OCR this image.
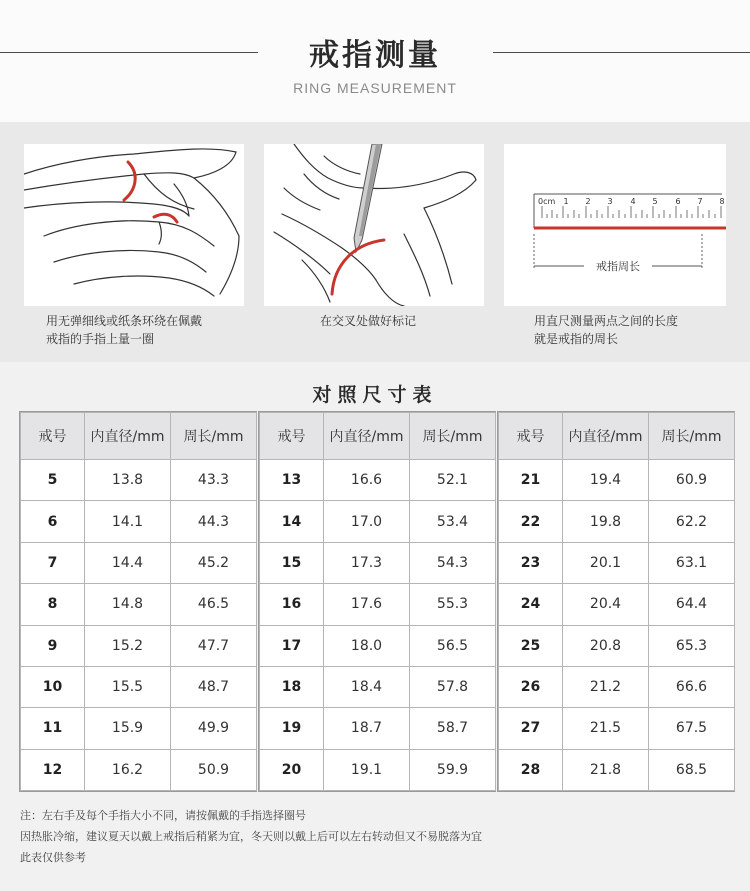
戒指测量
RING MEASUREMENT
0cm 1 2 3 4 5 6 7 8
戒指周长
用无弹细线或纸条环绕在佩戴
戒指的手指上量一圈
在交叉处做好标记	用直尺测量两点之间的长度
就是戒指的周长
对照尺寸表
戒号	内直径/mm	周长/mm
5	13.8	43.3
6	14.1	44.3
7	14.4	45.2
8	14.8	46.5
9	15.2	47.7
10	15.5	48.7
11	15.9	49.9
12	16.2	50.9
戒号	内直径/mm	周长/mm
13	16.6	52.1
14	17.0	53.4
15	17.3	54.3
16	17.6	55.3
17	18.0	56.5
18	18.4	57.8
19	18.7	58.7
20	19.1	59.9
戒号	内直径/mm	周长/mm
21	19.4	60.9
22	19.8	62.2
23	20.1	63.1
24	20.4	64.4
25	20.8	65.3
26	21.2	66.6
27	21.5	67.5
28	21.8	68.5
注：左右手及每个手指大小不同，请按佩戴的手指选择圈号
因热胀冷缩，建议夏天以戴上戒指后稍紧为宜，冬天则以戴上后可以左右转动但又不易脱落为宜
此表仅供参考
